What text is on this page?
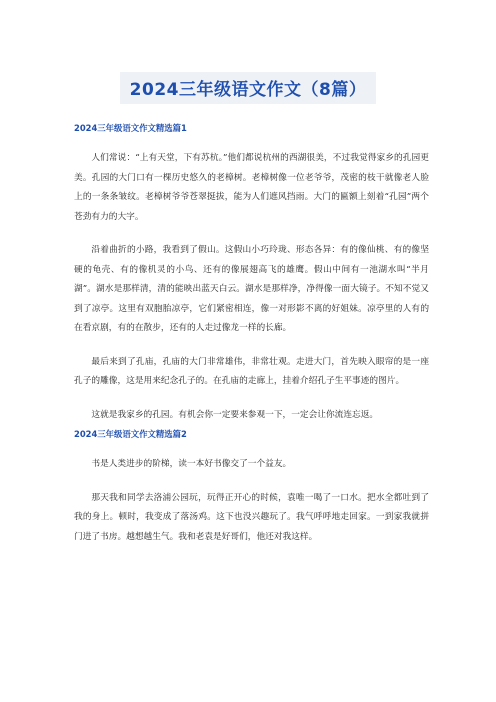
2024三年级语文作文（8篇）
2024三年级语文作文精选篇1

人们常说：“上有天堂，下有苏杭。”他们都说杭州的西湖很美，不过我觉得家乡的孔园更美。孔园的大门口有一棵历史悠久的老樟树。老樟树像一位老爷爷，茂密的枝干就像老人脸上的一条条皱纹。老樟树爷爷苍翠挺拔，能为人们遮风挡雨。大门的匾额上刻着“孔园”两个苍劲有力的大字。

沿着曲折的小路，我看到了假山。这假山小巧玲珑、形态各异：有的像仙桃、有的像坚硬的龟壳、有的像机灵的小鸟、还有的像展翅高飞的雄鹰。假山中间有一池湖水叫“半月湖”。湖水是那样清，清的能映出蓝天白云。湖水是那样净，净得像一面大镜子。不知不觉又到了凉亭。这里有双胞胎凉亭，它们紧密相连，像一对形影不离的好姐妹。凉亭里的人有的在看京剧，有的在散步，还有的人走过像龙一样的长廊。

最后来到了孔庙，孔庙的大门非常雄伟，非常壮观。走进大门，首先映入眼帘的是一座孔子的雕像，这是用来纪念孔子的。在孔庙的走廊上，挂着介绍孔子生平事迹的图片。

这就是我家乡的孔园。有机会你一定要来参观一下，一定会让你流连忘返。

2024三年级语文作文精选篇2

书是人类进步的阶梯，读一本好书像交了一个益友。

那天我和同学去洛浦公园玩，玩得正开心的时候，袁唯一喝了一口水。把水全都吐到了我的身上。顿时，我变成了落汤鸡。这下也没兴趣玩了。我气呼呼地走回家。一到家我就拼门进了书房。越想越生气。我和老袁是好哥们，他还对我这样。
